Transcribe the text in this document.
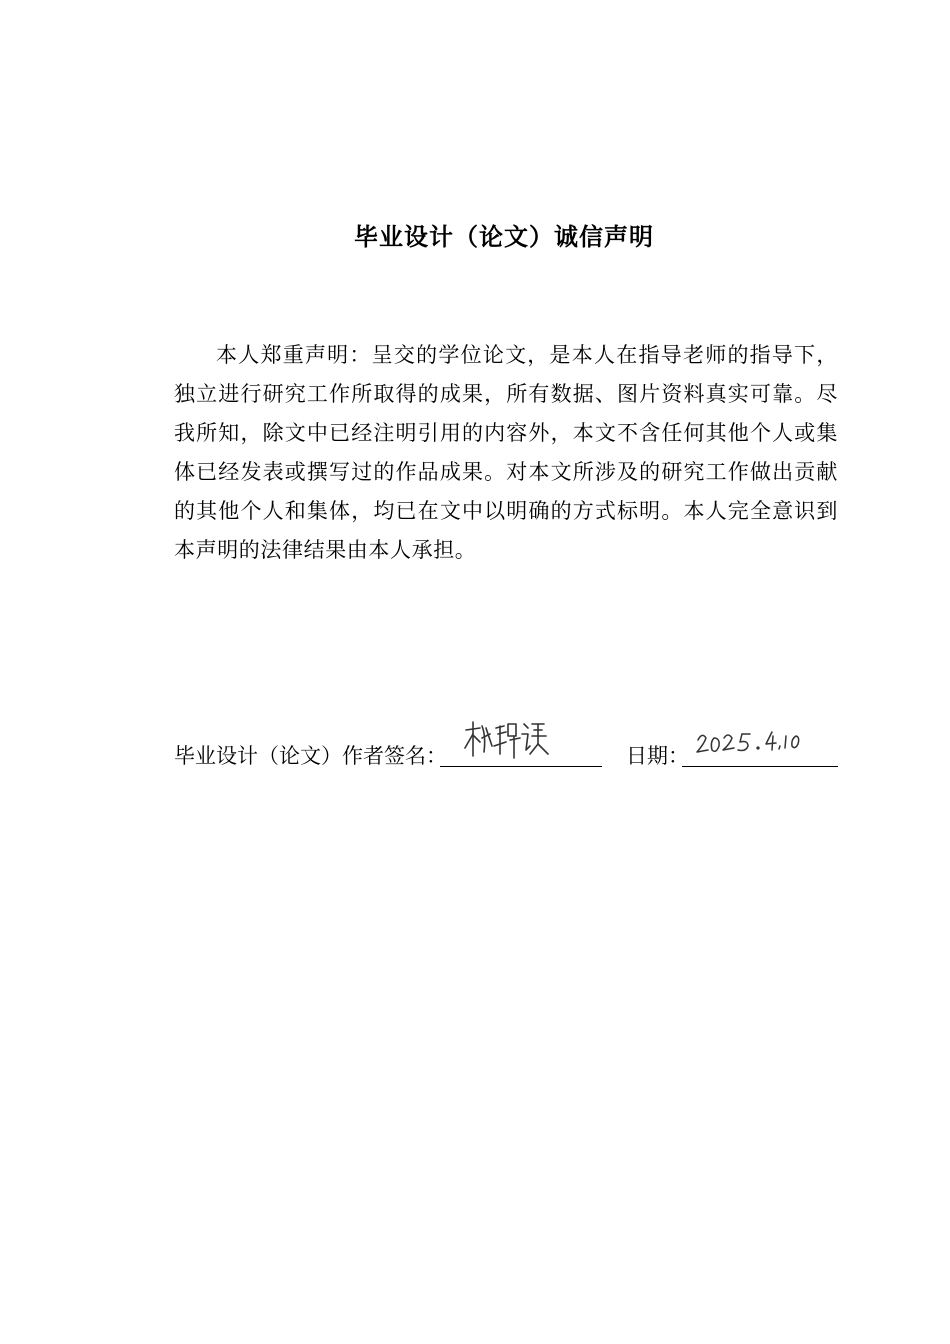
毕业设计（论文）诚信声明
本人郑重声明：呈交的学位论文，是本人在指导老师的指导下，独立进行研究工作所取得的成果，所有数据、图片资料真实可靠。尽我所知，除文中已经注明引用的内容外，本文不含任何其他个人或集体已经发表或撰写过的作品成果。对本文所涉及的研究工作做出贡献的其他个人和集体，均已在文中以明确的方式标明。本人完全意识到本声明的法律结果由本人承担。
毕业设计（论文）作者签名：	日期：
